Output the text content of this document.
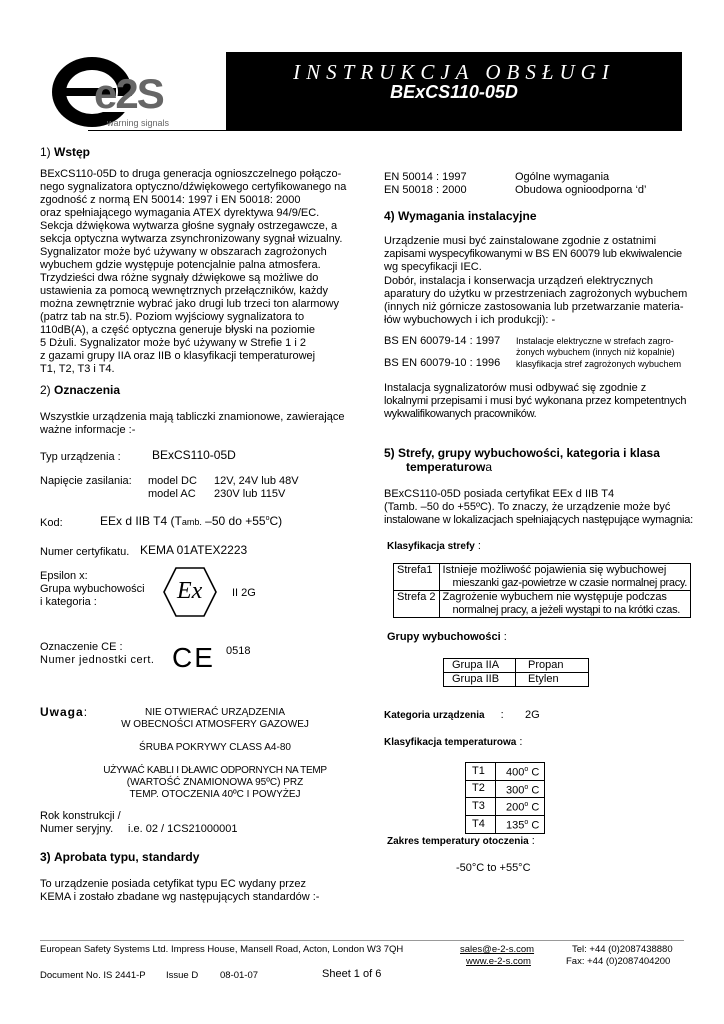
e2S
warning signals
INSTRUKCJA OBSŁUGI
BExCS110-05D
1) Wstęp
BExCS110-05D to druga generacja ognioszczelnego połączo-
nego sygnalizatora optyczno/dźwiękowego certyfikowanego na
zgodność z normą EN 50014: 1997 i EN 50018: 2000
oraz spełniającego wymagania ATEX dyrektywa 94/9/EC.
Sekcja dźwiękowa wytwarza głośne sygnały ostrzegawcze, a
sekcja optyczna wytwarza zsynchronizowany sygnał wizualny.
Sygnalizator może być używany w obszarach zagrożonych
wybuchem gdzie występuje potencjalnie palna atmosfera.
Trzydzieści dwa różne sygnały dźwiękowe są możliwe do
ustawienia za pomocą wewnętrznych przełączników, każdy
można zewnętrznie wybrać jako drugi lub trzeci ton alarmowy
(patrz tab na str.5). Poziom wyjściowy sygnalizatora to
110dB(A), a część optyczna generuje błyski na poziomie
5 Dżuli. Sygnalizator może być używany w Strefie 1 i 2
z gazami grupy IIA oraz IIB o klasyfikacji temperaturowej
T1, T2, T3 i T4.
2) Oznaczenia
Wszystkie urządzenia mają tabliczki znamionowe, zawierające
ważne informacje :-
Typ urządzenia :	BExCS110-05D
Napięcie zasilania: model DC 12V, 24V lub 48V
model AC 230V lub 115V
Kod:	EEx d IIB T4 (Tamb. –50 do $+55^oC$)
Numer certyfikatu. KEMA 01ATEX2223
Epsilon x:
Grupa wybuchowości
i kategoria :	Ex	II 2G
Oznaczenie CE :
Numer jednostki cert. CE 0518
Uwaga:	NIE OTWIERAĆ URZĄDZENIA
W OBECNOŚCI ATMOSFERY GAZOWEJ
ŚRUBA POKRYWY CLASS A4-80
UŻYWAĆ KABLI I DŁAWIC ODPORNYCH NA TEMP
(WARTOŚĆ ZNAMIONOWA 95ºC) PRZ
TEMP. OTOCZENIA 40ºC I POWYŻEJ
Rok konstrukcji /
Numer seryjny.	i.e. 02 / 1CS21000001
3) Aprobata typu, standardy
To urządzenie posiada cetyfikat typu EC wydany przez
KEMA i zostało zbadane wg następujących standardów :-
EN 50014 : 1997	Ogólne wymagania
EN 50018 : 2000	Obudowa ognioodporna ‘d’
4) Wymagania instalacyjne
Urządzenie musi być zainstalowane zgodnie z ostatnimi
zapisami wyspecyfikowanymi w BS EN 60079 lub ekwiwalencie
wg specyfikacji IEC.
Dobór, instalacja i konserwacja urządzeń elektrycznych
aparatury do użytku w przestrzeniach zagrożonych wybuchem
(innych niż górnicze zastosowania lub przetwarzanie materia-
łów wybuchowych i ich produkcji): -
BS EN 60079-14 : 1997 Instalacje elektryczne w strefach zagro-
żonych wybuchem (innych niż kopalnie)
BS EN 60079-10 : 1996 klasyfikacja stref zagrożonych wybuchem
Instalacja sygnalizatorów musi odbywać się zgodnie z
lokalnymi przepisami i musi być wykonana przez kompetentnych
wykwalifikowanych pracowników.
5) Strefy, grupy wybuchowości, kategoria i klasa
temperaturowa
BExCS110-05D posiada certyfikat EEx d IIB T4
(Tamb. –50 do +55ºC). To znaczy, że urządzenie może być
instalowane w lokalizacjach spełniających następujące wymagnia:
Klasyfikacja strefy :
Strefa1	Istnieje możliwość pojawienia się wybuchowej
mieszanki gaz-powietrze w czasie normalnej pracy.

Strefa 2	Zagrożenie wybuchem nie występuje podczas
normalnej pracy, a jeżeli wystąpi to na krótki czas.
Grupy wybuchowości :
Grupa IIA	Propan
Grupa IIB	Etylen
Kategoria urządzenia : 2G
Klasyfikacja temperaturowa :
T1	400$^o$ C
T2	300$^o$ C
T3	200$^o$ C
T4	135$^o$ C
Zakres temperatury otoczenia :
-50°C to +55°C
European Safety Systems Ltd. Impress House, Mansell Road, Acton, London W3 7QH	sales@e-2-s.com
www.e-2-s.com
Tel: +44 (0)2087438880
Fax: +44 (0)2087404200
Document No. IS 2441-P Issue D 08-01-07	Sheet 1 of 6
